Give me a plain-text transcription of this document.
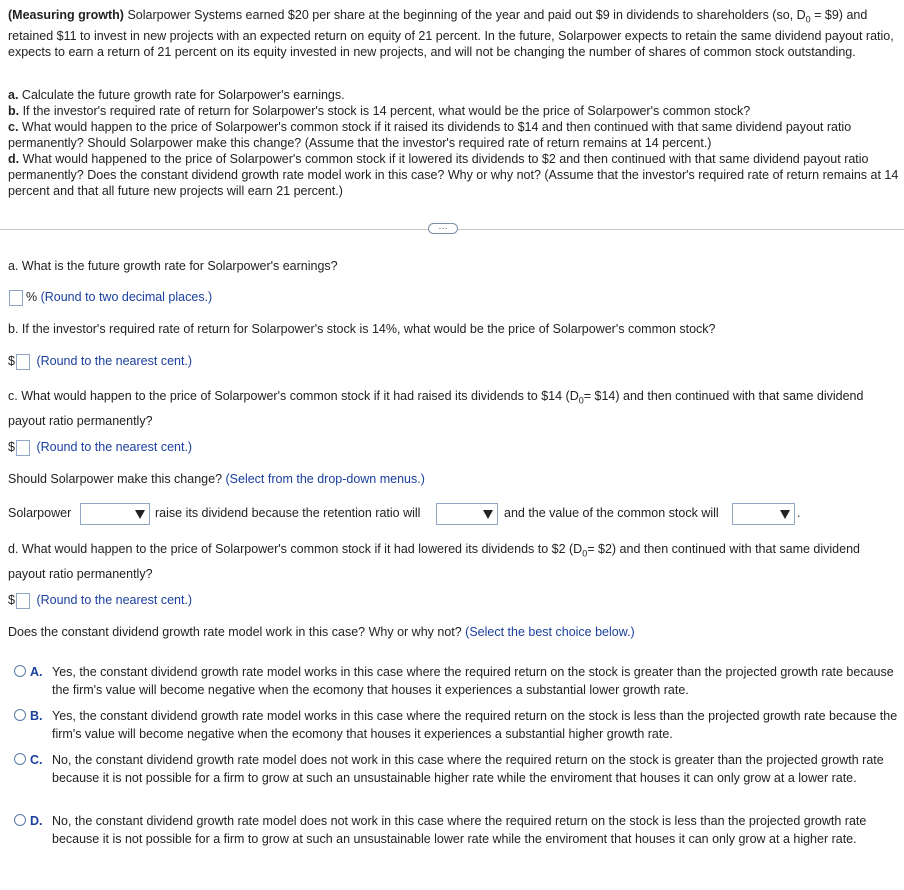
(Measuring growth) Solarpower Systems earned $20 per share at the beginning of the year and paid out $9 in dividends to shareholders (so, $D_0$ = $9) and retained $11 to invest in new projects with an expected return on equity of 21 percent. In the future, Solarpower expects to retain the same dividend payout ratio, expects to earn a return of 21 percent on its equity invested in new projects, and will not be changing the number of shares of common stock outstanding.
a. Calculate the future growth rate for Solarpower's earnings.
b. If the investor's required rate of return for Solarpower's stock is 14 percent, what would be the price of Solarpower's common stock?
c. What would happen to the price of Solarpower's common stock if it raised its dividends to $14 and then continued with that same dividend payout ratio permanently? Should Solarpower make this change? (Assume that the investor's required rate of return remains at 14 percent.)
d. What would happened to the price of Solarpower's common stock if it lowered its dividends to $2 and then continued with that same dividend payout ratio permanently? Does the constant dividend growth rate model work in this case? Why or why not? (Assume that the investor's required rate of return remains at 14 percent and that all future new projects will earn 21 percent.)
···
a. What is the future growth rate for Solarpower's earnings?
% (Round to two decimal places.)
b. If the investor's required rate of return for Solarpower's stock is 14%, what would be the price of Solarpower's common stock?
$ (Round to the nearest cent.)
c. What would happen to the price of Solarpower's common stock if it had raised its dividends to $14 ($D_0=$ $14) and then continued with that same dividend payout ratio permanently?
$ (Round to the nearest cent.)
Should Solarpower make this change? (Select from the drop-down menus.)
Solarpower	raise its dividend because the retention ratio will	and the value of the common stock will	.
d. What would happen to the price of Solarpower's common stock if it had lowered its dividends to $2 ($D_0=$ $2) and then continued with that same dividend payout ratio permanently?
$ (Round to the nearest cent.)
Does the constant dividend growth rate model work in this case? Why or why not? (Select the best choice below.)
A. Yes, the constant dividend growth rate model works in this case where the required return on the stock is greater than the projected growth rate because the firm's value will become negative when the ecomony that houses it experiences a substantial lower growth rate.
B. Yes, the constant dividend growth rate model works in this case where the required return on the stock is less than the projected growth rate because the firm's value will become negative when the ecomony that houses it experiences a substantial higher growth rate.
C. No, the constant dividend growth rate model does not work in this case where the required return on the stock is greater than the projected growth rate because it is not possible for a firm to grow at such an unsustainable higher rate while the enviroment that houses it can only grow at a lower rate.
D. No, the constant dividend growth rate model does not work in this case where the required return on the stock is less than the projected growth rate because it is not possible for a firm to grow at such an unsustainable lower rate while the enviroment that houses it can only grow at a higher rate.
